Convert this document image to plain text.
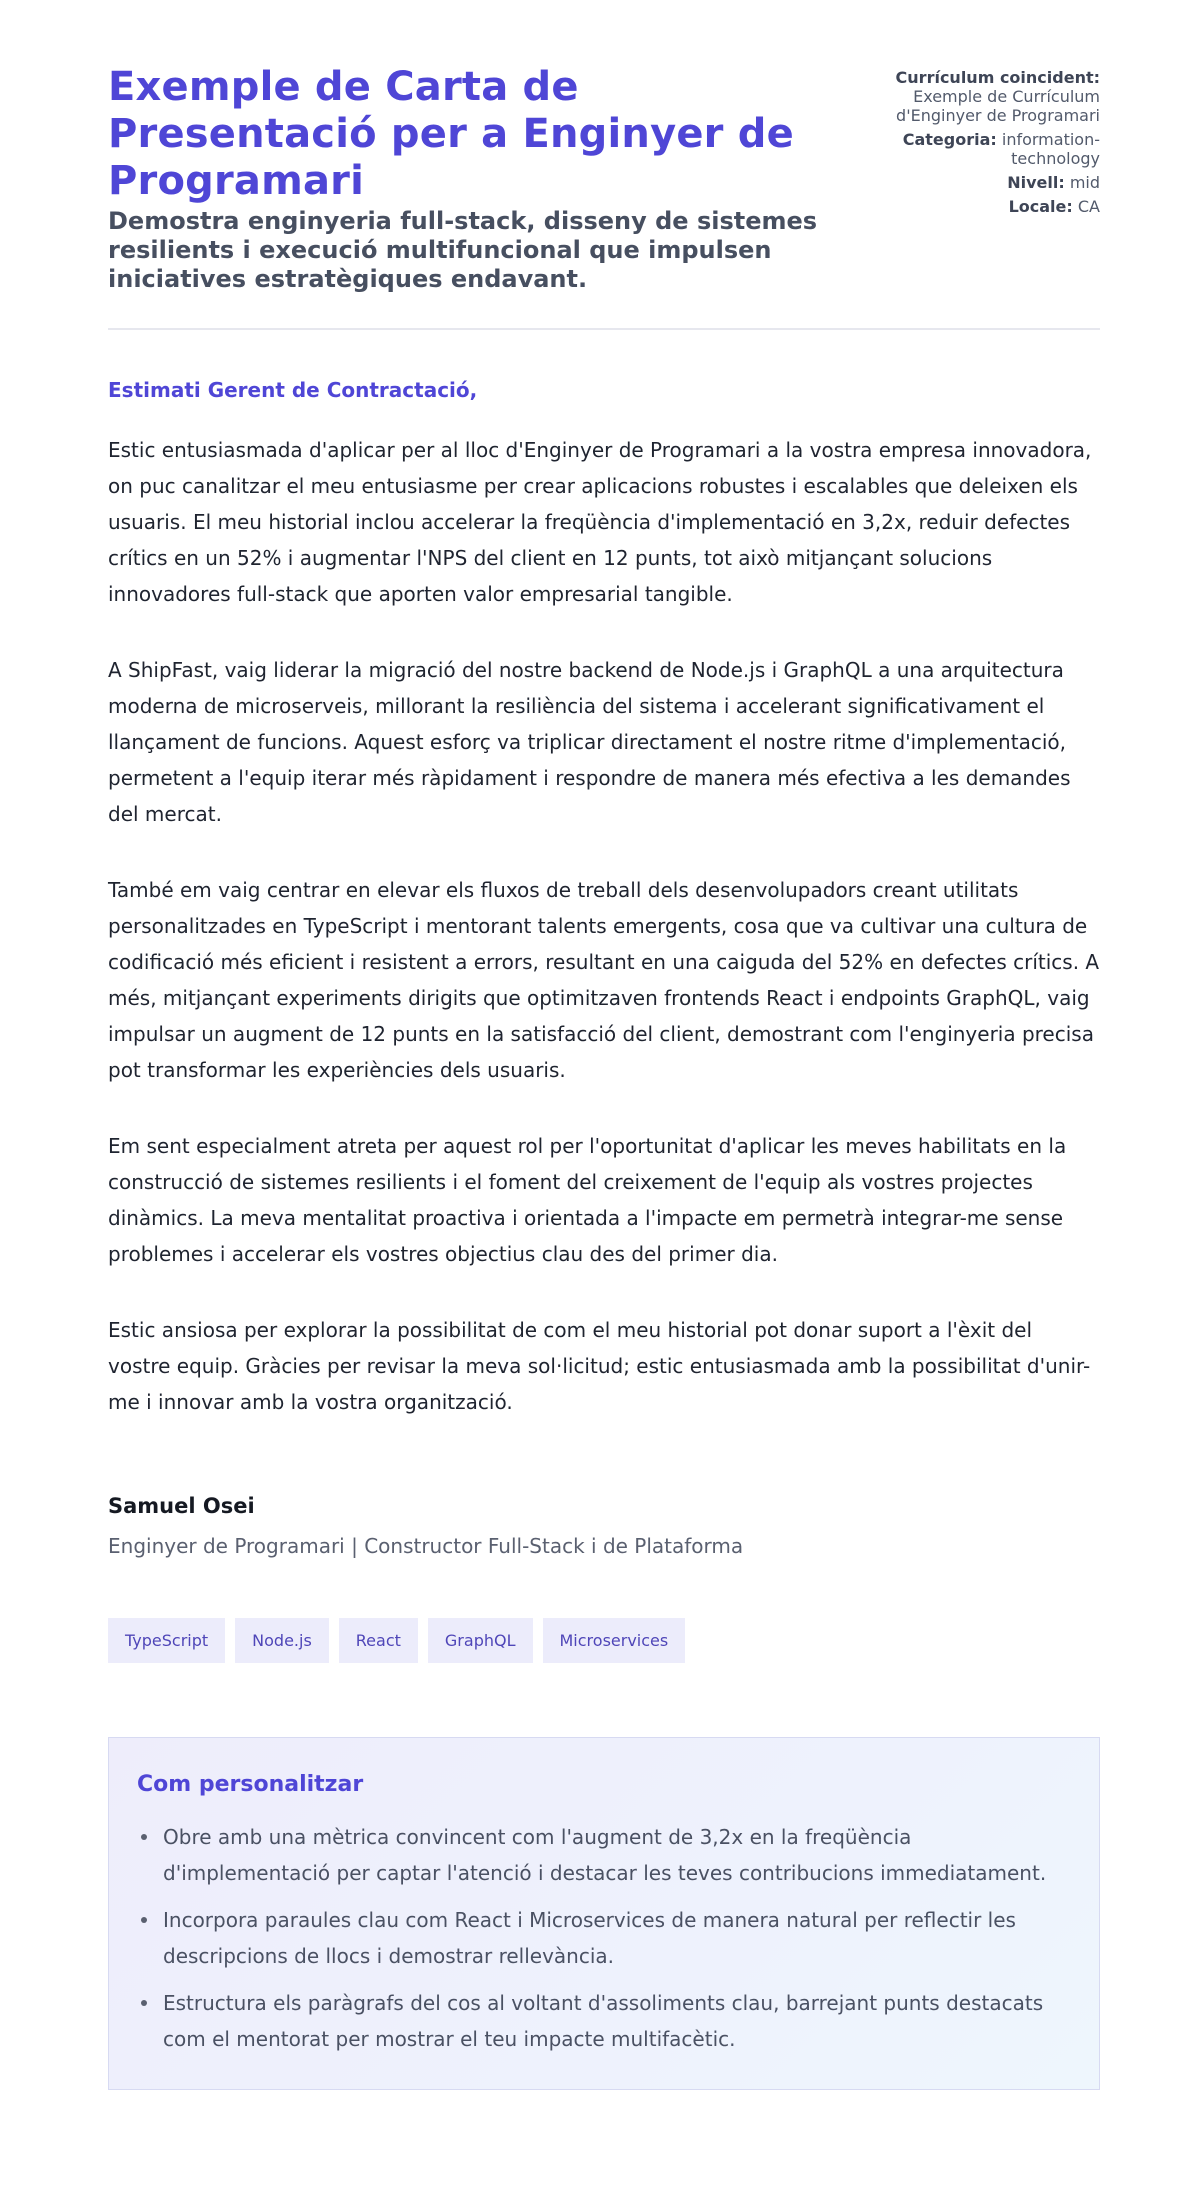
Exemple de Carta de Presentació per a Enginyer de Programari
Demostra enginyeria full-stack, disseny de sistemes resilients i execució multifuncional que impulsen iniciatives estratègiques endavant.
Currículum coincident:
Exemple de Currículum d'Enginyer de Programari
Categoria: information-technology
Nivell: mid
Locale: CA
Estimati Gerent de Contractació,

Estic entusiasmada d'aplicar per al lloc d'Enginyer de Programari a la vostra empresa innovadora, on puc canalitzar el meu entusiasme per crear aplicacions robustes i escalables que deleixen els usuaris. El meu historial inclou accelerar la freqüència d'implementació en 3,2x, reduir defectes crítics en un 52% i augmentar l'NPS del client en 12 punts, tot això mitjançant solucions innovadores full-stack que aporten valor empresarial tangible.

A ShipFast, vaig liderar la migració del nostre backend de Node.js i GraphQL a una arquitectura moderna de microserveis, millorant la resiliència del sistema i accelerant significativament el llançament de funcions. Aquest esforç va triplicar directament el nostre ritme d'implementació, permetent a l'equip iterar més ràpidament i respondre de manera més efectiva a les demandes del mercat.

També em vaig centrar en elevar els fluxos de treball dels desenvolupadors creant utilitats personalitzades en TypeScript i mentorant talents emergents, cosa que va cultivar una cultura de codificació més eficient i resistent a errors, resultant en una caiguda del 52% en defectes crítics. A més, mitjançant experiments dirigits que optimitzaven frontends React i endpoints GraphQL, vaig impulsar un augment de 12 punts en la satisfacció del client, demostrant com l'enginyeria precisa pot transformar les experiències dels usuaris.

Em sent especialment atreta per aquest rol per l'oportunitat d'aplicar les meves habilitats en la construcció de sistemes resilients i el foment del creixement de l'equip als vostres projectes dinàmics. La meva mentalitat proactiva i orientada a l'impacte em permetrà integrar-me sense problemes i accelerar els vostres objectius clau des del primer dia.

Estic ansiosa per explorar la possibilitat de com el meu historial pot donar suport a l'èxit del vostre equip. Gràcies per revisar la meva sol·licitud; estic entusiasmada amb la possibilitat d'unir-me i innovar amb la vostra organització.

Samuel Osei
Enginyer de Programari | Constructor Full-Stack i de Plataforma
TypeScript	Node.js	React	GraphQL	Microservices
Com personalitzar
Obre amb una mètrica convincent com l'augment de 3,2x en la freqüència d'implementació per captar l'atenció i destacar les teves contribucions immediatament.
Incorpora paraules clau com React i Microservices de manera natural per reflectir les descripcions de llocs i demostrar rellevància.
Estructura els paràgrafs del cos al voltant d'assoliments clau, barrejant punts destacats com el mentorat per mostrar el teu impacte multifacètic.
